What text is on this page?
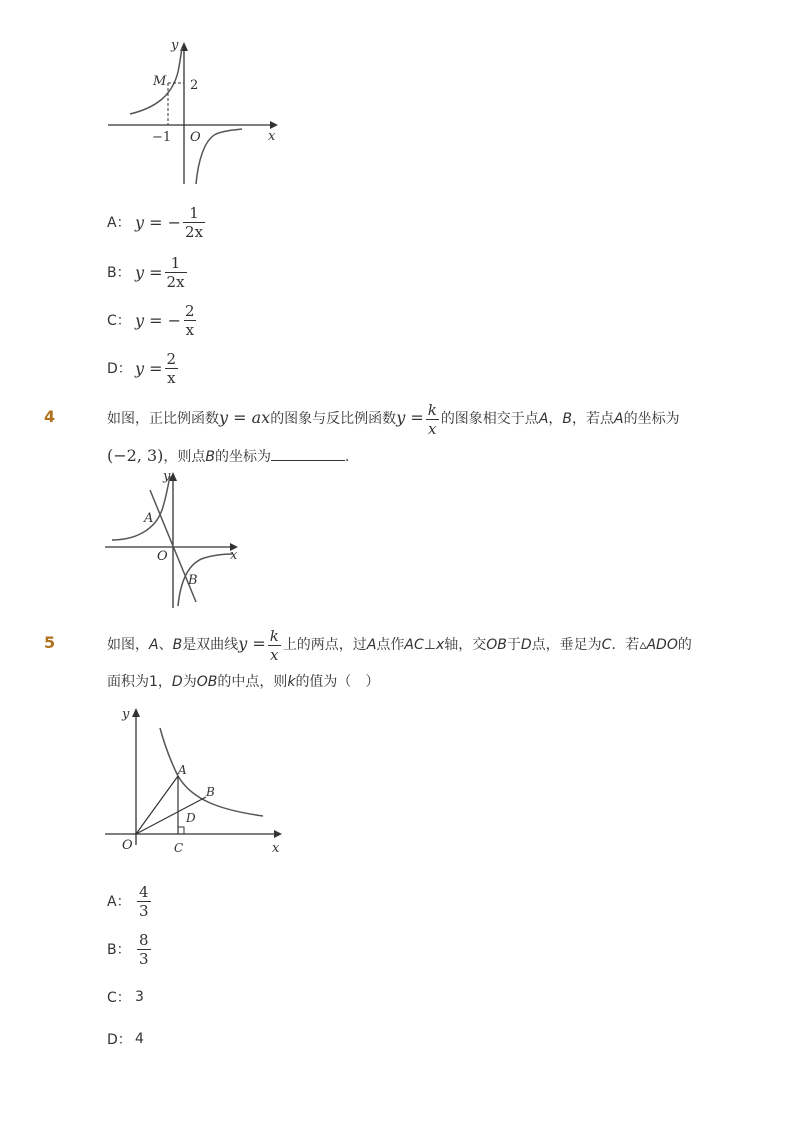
y
x
M 2
−1 O
A： y = − $\frac{1}{2x}$
B： $y = \frac{1}{2x}$
C： y = − $\frac{2}{x}$
D： $y = \frac{2}{x}$
4	如图，正比例函数y = ax的图象与反比例函数$y = \frac{k}{x}$ 的图象相交于点A，B，若点A的坐标为
(−2, 3)，则点B的坐标为	．
y
x
A
B
O
5	如图，A、B是双曲线$y = \frac{k}{x}$ 上的两点，过A点作AC⊥x轴，交OB于D点，垂足为C．若▵ADO的
面积为1，D为OB的中点，则k的值为（　）
y
x
A
B
D
O	C
A： $\frac{4}{3}$
B： $\frac{8}{3}$
C： 3
D： 4
